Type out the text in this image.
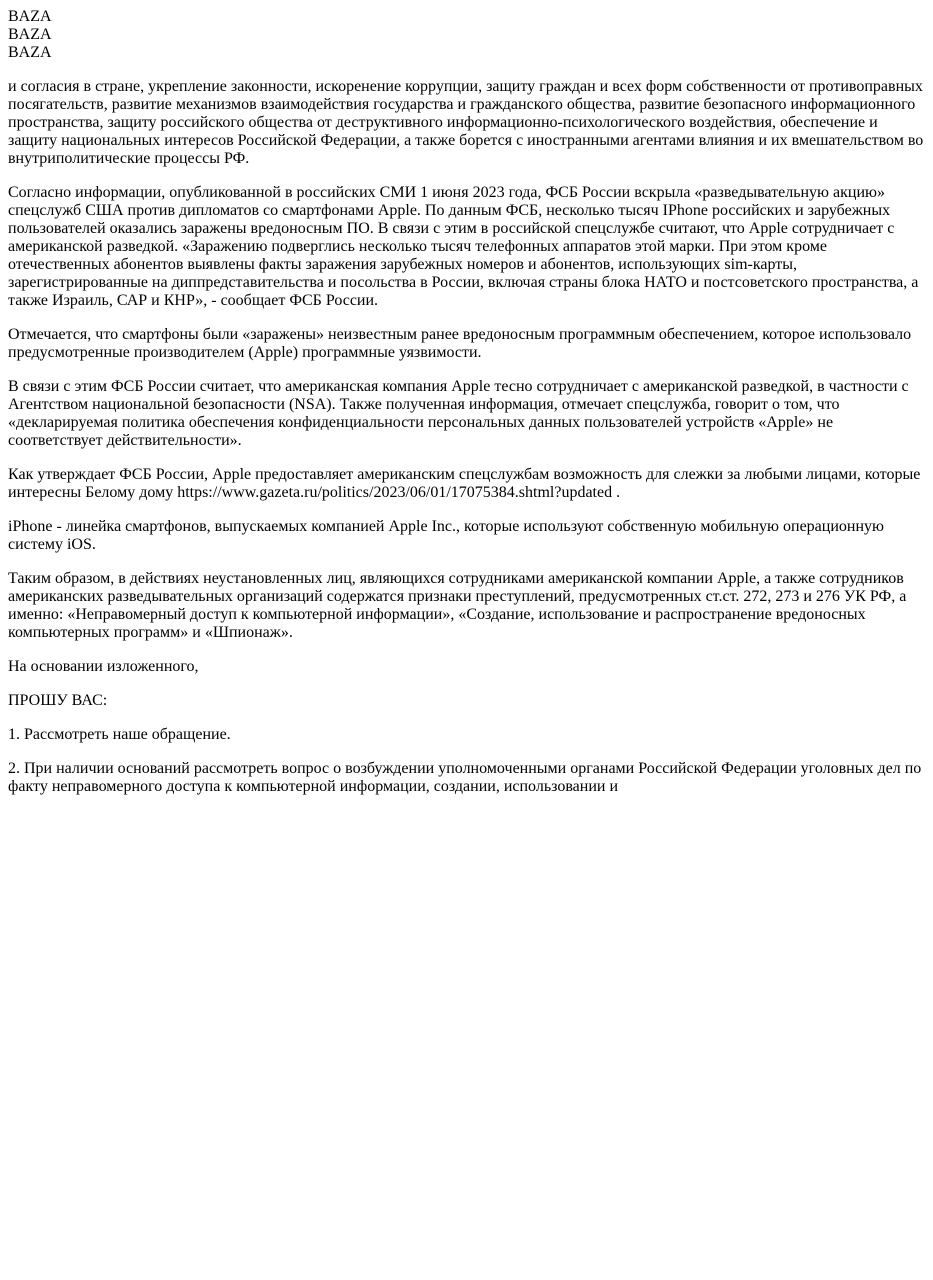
BAZA
BAZA
BAZA

и согласия в стране, укрепление законности, искоренение коррупции, защиту граждан и всех форм собственности от противоправных посягательств, развитие механизмов взаимодействия государства и гражданского общества, развитие безопасного информационного пространства, защиту российского общества от деструктивного информационно-психологического воздействия, обеспечение и защиту национальных интересов Российской Федерации, а также борется с иностранными агентами влияния и их вмешательством во внутриполитические процессы РФ.

Согласно информации, опубликованной в российских СМИ 1 июня 2023 года, ФСБ России вскрыла «разведывательную акцию» спецслужб США против дипломатов со смартфонами Apple. По данным ФСБ, несколько тысяч IPhone российских и зарубежных пользователей оказались заражены вредоносным ПО. В связи с этим в российской спецслужбе считают, что Apple сотрудничает с американской разведкой. «Заражению подверглись несколько тысяч телефонных аппаратов этой марки. При этом кроме отечественных абонентов выявлены факты заражения зарубежных номеров и абонентов, использующих sim-карты, зарегистрированные на диппредставительства и посольства в России, включая страны блока НАТО и постсоветского пространства, а также Израиль, САР и КНР», - сообщает ФСБ России.

Отмечается, что смартфоны были «заражены» неизвестным ранее вредоносным программным обеспечением, которое использовало предусмотренные производителем (Apple) программные уязвимости.

В связи с этим ФСБ России считает, что американская компания Apple тесно сотрудничает с американской разведкой, в частности с Агентством национальной безопасности (NSA). Также полученная информация, отмечает спецслужба, говорит о том, что «декларируемая политика обеспечения конфиденциальности персональных данных пользователей устройств «Apple» не соответствует действительности».

Как утверждает ФСБ России, Apple предоставляет американским спецслужбам возможность для слежки за любыми лицами, которые интересны Белому дому https://www.gazeta.ru/politics/2023/06/01/17075384.shtml?updated .

iPhone - линейка смартфонов, выпускаемых компанией Apple Inc., которые используют собственную мобильную операционную систему iOS.

Таким образом, в действиях неустановленных лиц, являющихся сотрудниками американской компании Apple, а также сотрудников американских разведывательных организаций содержатся признаки преступлений, предусмотренных ст.ст. 272, 273 и 276 УК РФ, а именно: «Неправомерный доступ к компьютерной информации», «Создание, использование и распространение вредоносных компьютерных программ» и «Шпионаж».

На основании изложенного,

ПРОШУ ВАС:

1. Рассмотреть наше обращение.

2. При наличии оснований рассмотреть вопрос о возбуждении уполномоченными органами Российской Федерации уголовных дел по факту неправомерного доступа к компьютерной информации, создании, использовании и
